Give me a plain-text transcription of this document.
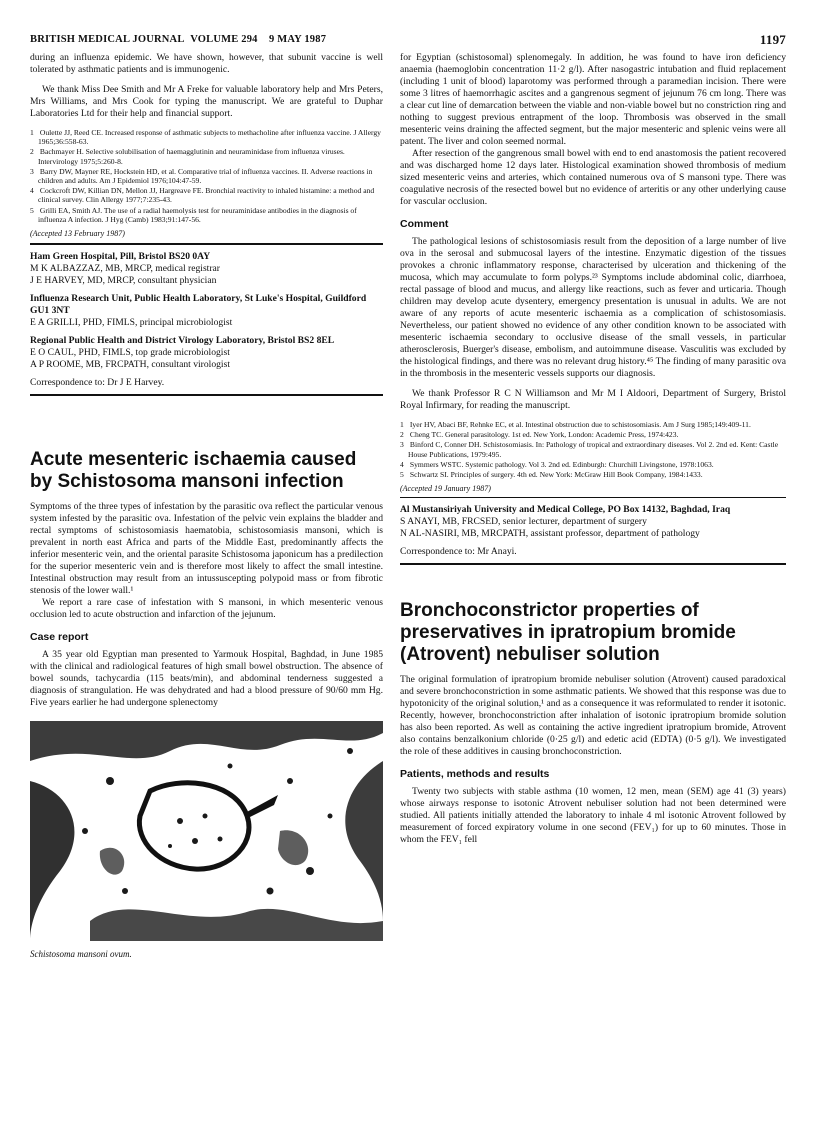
BRITISH MEDICAL JOURNAL VOLUME 294 9 MAY 1987	1197

during an influenza epidemic. We have shown, however, that subunit vaccine is well tolerated by asthmatic patients and is immunogenic.

We thank Miss Dee Smith and Mr A Freke for valuable laboratory help and Mrs Peters, Mrs Williams, and Mrs Cook for typing the manuscript. We are grateful to Duphar Laboratories Ltd for their help and financial support.

1 Oulette JJ, Reed CE. Increased response of asthmatic subjects to methacholine after influenza vaccine. J Allergy 1965;36:558-63.
2 Bachmayer H. Selective solubilisation of haemagglutinin and neuraminidase from influenza viruses. Intervirology 1975;5:260-8.
3 Barry DW, Mayner RE, Hockstein HD, et al. Comparative trial of influenza vaccines. II. Adverse reactions in children and adults. Am J Epidemiol 1976;104:47-59.
4 Cockcroft DW, Killian DN, Mellon JJ, Hargreave FE. Bronchial reactivity to inhaled histamine: a method and clinical survey. Clin Allergy 1977;7:235-43.
5 Grilli EA, Smith AJ. The use of a radial haemolysis test for neuraminidase antibodies in the diagnosis of influenza A infection. J Hyg (Camb) 1983;91:147-56.
(Accepted 13 February 1987)
Ham Green Hospital, Pill, Bristol BS20 0AY
M K ALBAZZAZ, MB, MRCP, medical registrar
J E HARVEY, MD, MRCP, consultant physician
Influenza Research Unit, Public Health Laboratory, St Luke's Hospital, Guildford GU1 3NT
E A GRILLI, PHD, FIMLS, principal microbiologist
Regional Public Health and District Virology Laboratory, Bristol BS2 8EL
E O CAUL, PHD, FIMLS, top grade microbiologist
A P ROOME, MB, FRCPATH, consultant virologist
Correspondence to: Dr J E Harvey.
Acute mesenteric ischaemia caused by Schistosoma mansoni infection

Symptoms of the three types of infestation by the parasitic ova reflect the particular venous system infested by the parasitic ova. Infestation of the pelvic vein explains the bladder and rectal symptoms of schistosomiasis haematobia, schistosomiasis mansoni, which is prevalent in north east Africa and parts of the Middle East, predominantly affects the inferior mesenteric vein, and the oriental parasite Schistosoma japonicum has a predilection for the superior mesenteric vein and is therefore most likely to affect the small intestine. Intestinal obstruction may result from an intussuscepting polypoid mass or from fibrotic stenosis of the lower wall.¹

We report a rare case of infestation with S mansoni, in which mesenteric venous occlusion led to acute obstruction and infarction of the jejunum.

Case report

A 35 year old Egyptian man presented to Yarmouk Hospital, Baghdad, in June 1985 with the clinical and radiological features of high small bowel obstruction. The absence of bowel sounds, tachycardia (115 beats/min), and abdominal tenderness suggested a diagnosis of strangulation. He was dehydrated and had a blood pressure of 90/60 mm Hg. Five years earlier he had undergone splenectomy

Schistosoma mansoni ovum.

for Egyptian (schistosomal) splenomegaly. In addition, he was found to have iron deficiency anaemia (haemoglobin concentration 11·2 g/l). After nasogastric intubation and fluid replacement (including 1 unit of blood) laparotomy was performed through a paramedian incision. There were some 3 litres of haemorrhagic ascites and a gangrenous segment of jejunum 76 cm long. There was a clear cut line of demarcation between the viable and non-viable bowel but no constriction ring and nothing to suggest previous entrapment of the loop. Thrombosis was observed in the small mesenteric veins draining the affected segment, but the major mesenteric and splenic veins were all patent. The liver and colon seemed normal.

After resection of the gangrenous small bowel with end to end anastomosis the patient recovered and was discharged home 12 days later. Histological examination showed thrombosis of medium sized mesenteric veins and arteries, which contained numerous ova of S mansoni type. There was coagulative necrosis of the resected bowel but no evidence of arteritis or any other underlying cause for vascular occlusion.

Comment

The pathological lesions of schistosomiasis result from the deposition of a large number of live ova in the serosal and submucosal layers of the intestine. Enzymatic digestion of the tissues provokes a chronic inflammatory response, characterised by ulceration and thickening of the mucosa, which may accumulate to form polyps.²³ Symptoms include abdominal colic, diarrhoea, rectal passage of blood and mucus, and allergy like reactions, such as fever and urticaria. Though children may develop acute dysentery, emergency presentation is unusual in adults. We are not aware of any reports of acute mesenteric ischaemia as a complication of schistosomiasis. Nevertheless, our patient showed no evidence of any other condition known to be associated with mesenteric ischaemia secondary to occlusive disease of the small vessels, in particular atherosclerosis, Buerger's disease, embolism, and autoimmune disease. Vasculitis was excluded by the histological findings, and there was no relevant drug history.⁴⁵ The finding of many parasitic ova in the thrombosis in the mesenteric vessels supports our diagnosis.

We thank Professor R C N Williamson and Mr M I Aldoori, Department of Surgery, Bristol Royal Infirmary, for reading the manuscript.

1 Iyer HV, Abaci BF, Rehnke EC, et al. Intestinal obstruction due to schistosomiasis. Am J Surg 1985;149:409-11.
2 Cheng TC. General parasitology. 1st ed. New York, London: Academic Press, 1974:423.
3 Binford C, Conner DH. Schistosomiasis. In: Pathology of tropical and extraordinary diseases. Vol 2. 2nd ed. Kent: Castle House Publications, 1979:495.
4 Symmers WSTC. Systemic pathology. Vol 3. 2nd ed. Edinburgh: Churchill Livingstone, 1978:1063.
5 Schwartz SI. Principles of surgery. 4th ed. New York: McGraw Hill Book Company, 1984:1433.
(Accepted 19 January 1987)
Al Mustansiriyah University and Medical College, PO Box 14132, Baghdad, Iraq
S ANAYI, MB, FRCSED, senior lecturer, department of surgery
N AL-NASIRI, MB, MRCPATH, assistant professor, department of pathology
Correspondence to: Mr Anayi.
Bronchoconstrictor properties of preservatives in ipratropium bromide (Atrovent) nebuliser solution

The original formulation of ipratropium bromide nebuliser solution (Atrovent) caused paradoxical and severe bronchoconstriction in some asthmatic patients. We showed that this response was due to hypotonicity of the original solution,¹ and as a consequence it was reformulated to render it isotonic. Recently, however, bronchoconstriction after inhalation of isotonic ipratropium bromide solution has also been reported. As well as containing the active ingredient ipratropium bromide, Atrovent also contains benzalkonium chloride (0·25 g/l) and edetic acid (EDTA) (0·5 g/l). We investigated the role of these additives in causing bronchoconstriction.

Patients, methods and results

Twenty two subjects with stable asthma (10 women, 12 men, mean (SEM) age 41 (3) years) whose airways response to isotonic Atrovent nebuliser solution had not been determined were studied. All patients initially attended the laboratory to inhale 4 ml isotonic Atrovent followed by measurement of forced expiratory volume in one second (FEV₁) for up to 60 minutes. Those in whom the FEV₁ fell
